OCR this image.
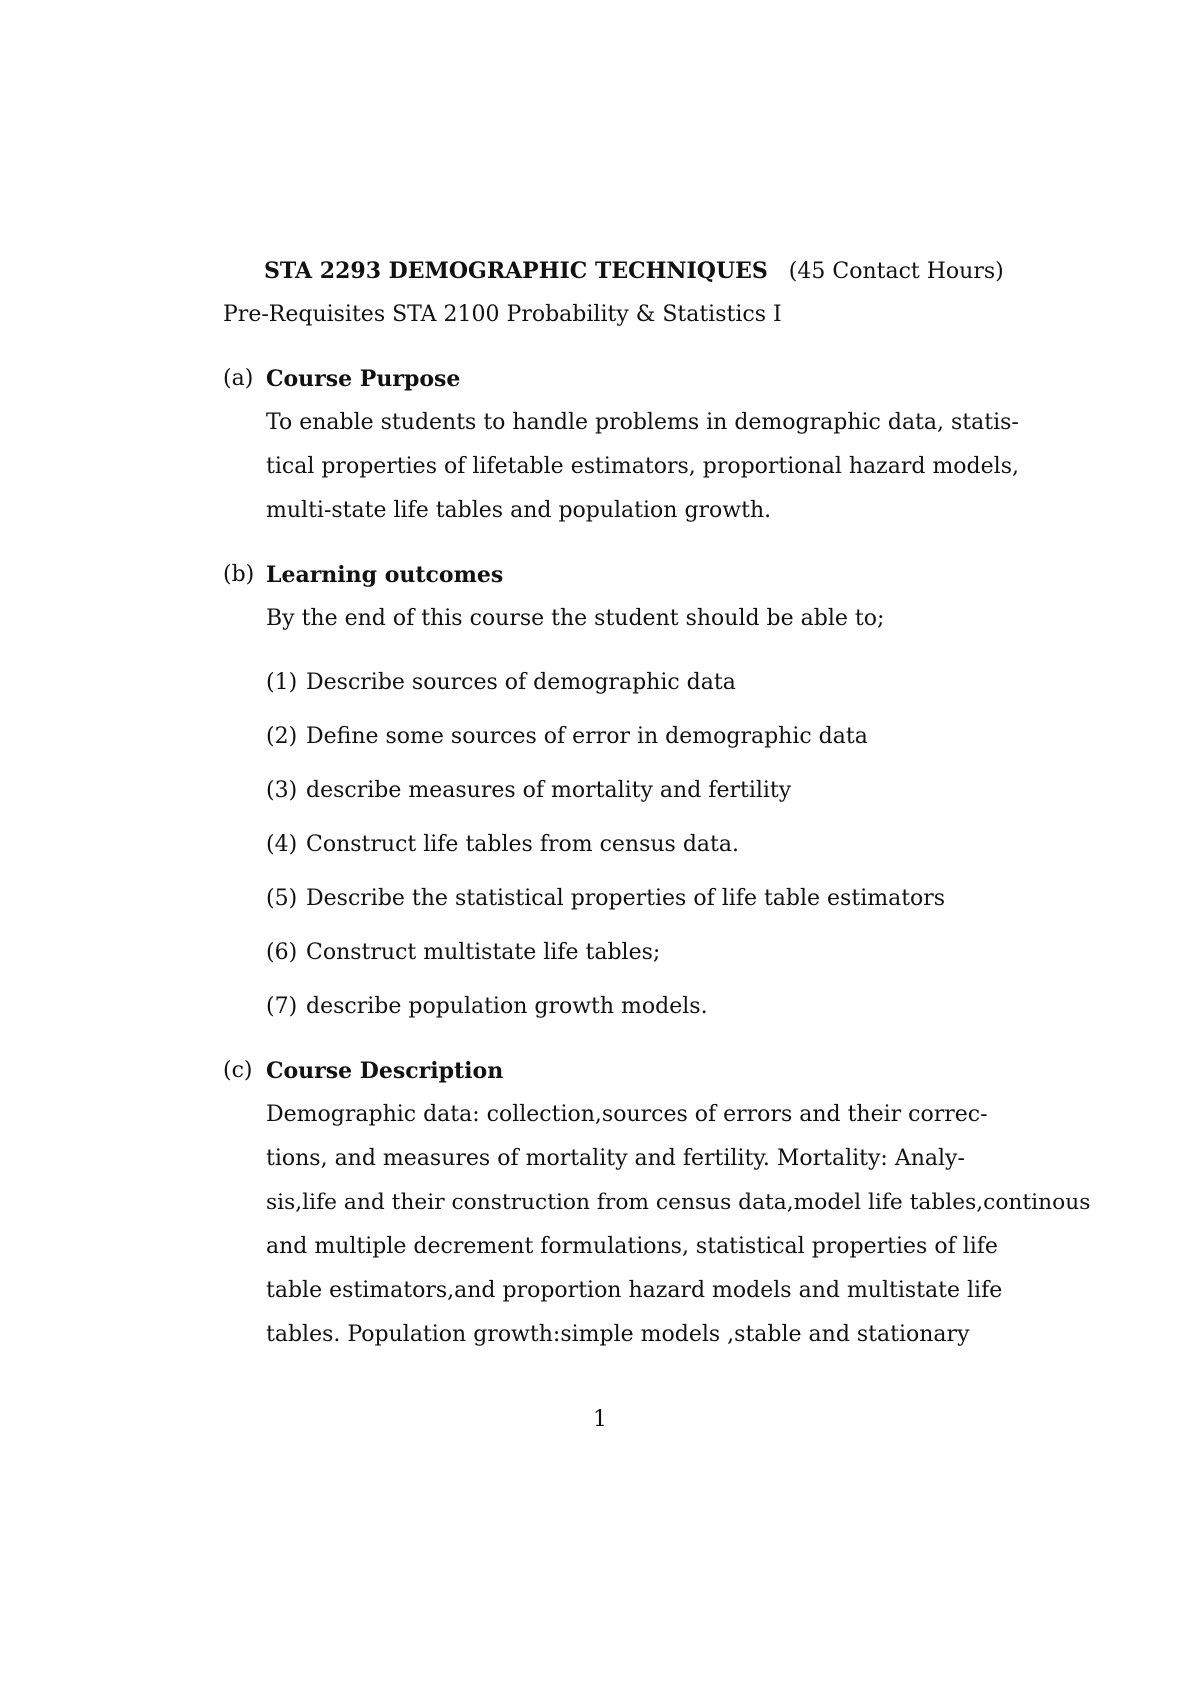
STA 2293 DEMOGRAPHIC TECHNIQUES (45 Contact Hours)
Pre-Requisites STA 2100 Probability & Statistics I
(a) Course Purpose
To enable students to handle problems in demographic data, statis-
tical properties of lifetable estimators, proportional hazard models,
multi-state life tables and population growth.
(b) Learning outcomes
By the end of this course the student should be able to;
(1) Describe sources of demographic data
(2) Define some sources of error in demographic data
(3) describe measures of mortality and fertility
(4) Construct life tables from census data.
(5) Describe the statistical properties of life table estimators
(6) Construct multistate life tables;
(7) describe population growth models.
(c) Course Description
Demographic data: collection,sources of errors and their correc-
tions, and measures of mortality and fertility. Mortality: Analy-
sis,life and their construction from census data,model life tables,continous
and multiple decrement formulations, statistical properties of life
table estimators,and proportion hazard models and multistate life
tables. Population growth:simple models ,stable and stationary
1
